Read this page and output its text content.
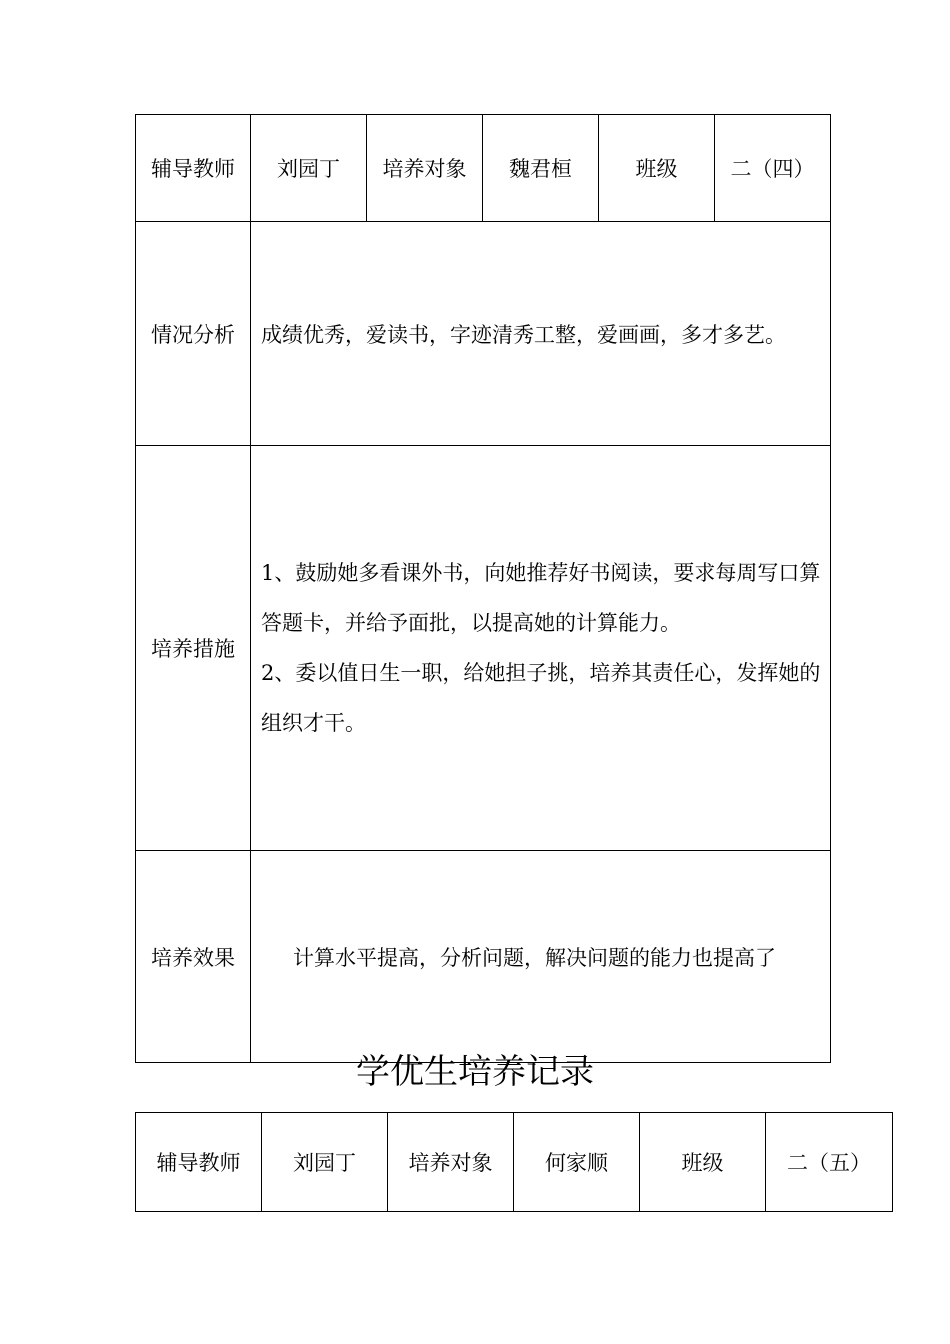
辅导教师	刘园丁	培养对象	魏君桓	班级	二（四）
情况分析	成绩优秀，爱读书，字迹清秀工整，爱画画，多才多艺。				
培养措施	1、鼓励她多看课外书，向她推荐好书阅读，要求每周写口算答题卡，并给予面批，以提高她的计算能力。

2、委以值日生一职，给她担子挑，培养其责任心，发挥她的组织才干。				

培养效果	计算水平提高，分析问题，解决问题的能力也提高了				
学优生培养记录
辅导教师	刘园丁	培养对象	何家顺	班级	二（五）
